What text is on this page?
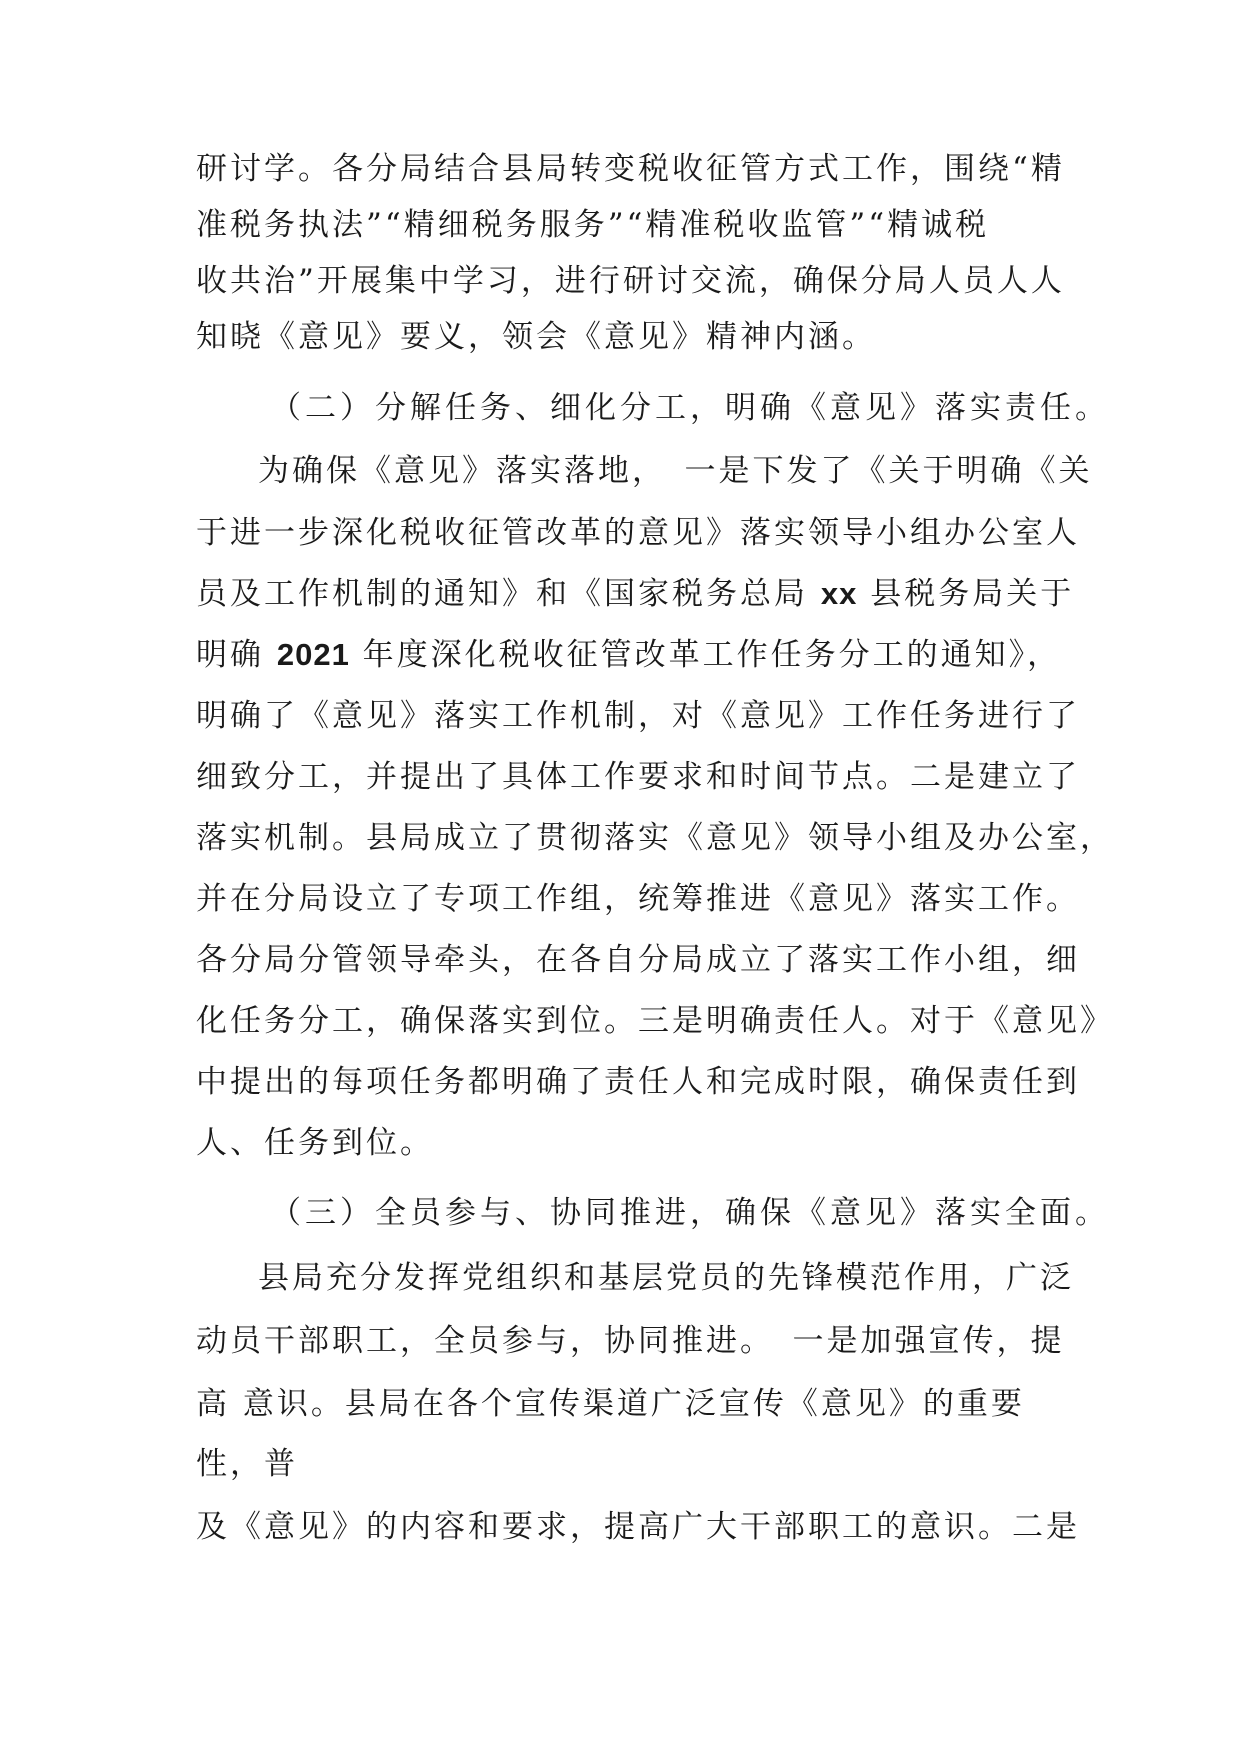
研讨学。各分局结合县局转变税收征管方式工作，围绕“精
准税务执法”“精细税务服务”“精准税收监管”“精诚税
收共治”开展集中学习，进行研讨交流，确保分局人员人人
知晓《意见》要义，领会《意见》精神内涵。
（二）分解任务、细化分工，明确《意见》落实责任。
为确保《意见》落实落地，　一是下发了《关于明确《关
于进一步深化税收征管改革的意见》落实领导小组办公室人
员及工作机制的通知》和《国家税务总局 xx 县税务局关于
明确 2021 年度深化税收征管改革工作任务分工的通知》，
明确了《意见》落实工作机制，对《意见》工作任务进行了
细致分工，并提出了具体工作要求和时间节点。二是建立了
落实机制。县局成立了贯彻落实《意见》领导小组及办公室，
并在分局设立了专项工作组，统筹推进《意见》落实工作。
各分局分管领导牵头，在各自分局成立了落实工作小组，细
化任务分工，确保落实到位。三是明确责任人。对于《意见》
中提出的每项任务都明确了责任人和完成时限，确保责任到
人、任务到位。
（三）全员参与、协同推进，确保《意见》落实全面。
县局充分发挥党组织和基层党员的先锋模范作用，广泛
动员干部职工，全员参与，协同推进。　一是加强宣传，提
高 意识。县局在各个宣传渠道广泛宣传《意见》的重要
性，普
及《意见》的内容和要求，提高广大干部职工的意识。二是
